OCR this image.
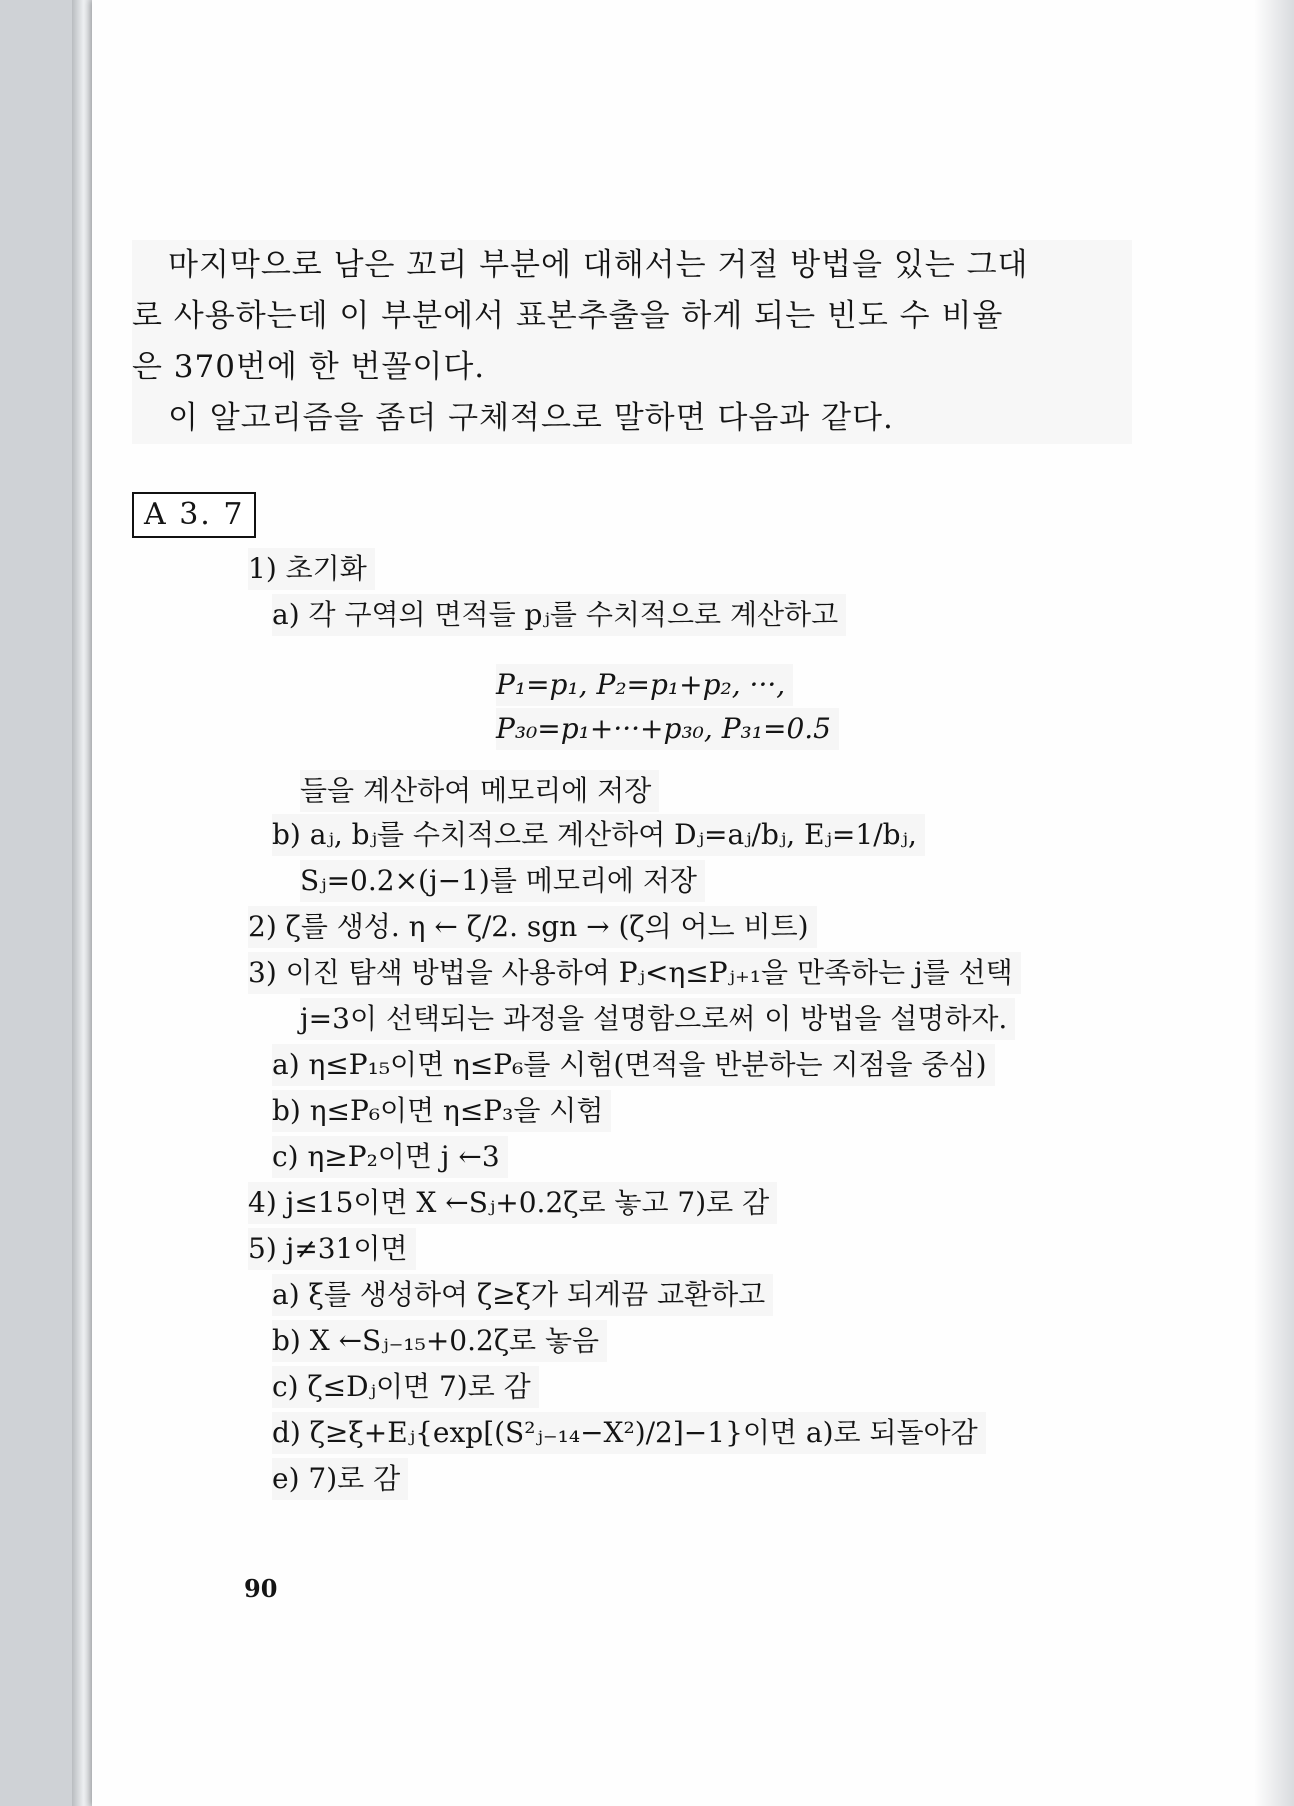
마지막으로 남은 꼬리 부분에 대해서는 거절 방법을 있는 그대

로 사용하는데 이 부분에서 표본추출을 하게 되는 빈도 수 비율

은 370번에 한 번꼴이다.

이 알고리즘을 좀더 구체적으로 말하면 다음과 같다.

A 3. 7
1) 초기화
a) 각 구역의 면적들 pⱼ를 수치적으로 계산하고
P₁=p₁, P₂=p₁+p₂, ···,
P₃₀=p₁+···+p₃₀, P₃₁=0.5
들을 계산하여 메모리에 저장
b) aⱼ, bⱼ를 수치적으로 계산하여 Dⱼ=aⱼ/bⱼ, Eⱼ=1/bⱼ,
Sⱼ=0.2×(j−1)를 메모리에 저장
2) ζ를 생성. η ← ζ/2. sgn → (ζ의 어느 비트)
3) 이진 탐색 방법을 사용하여 Pⱼ<η≤Pⱼ₊₁을 만족하는 j를 선택
j=3이 선택되는 과정을 설명함으로써 이 방법을 설명하자.
a) η≤P₁₅이면 η≤P₆를 시험(면적을 반분하는 지점을 중심)
b) η≤P₆이면 η≤P₃을 시험
c) η≥P₂이면 j ←3
4) j≤15이면 X ←Sⱼ+0.2ζ로 놓고 7)로 감
5) j≠31이면
a) ξ를 생성하여 ζ≥ξ가 되게끔 교환하고
b) X ←Sⱼ₋₁₅+0.2ζ로 놓음
c) ζ≤Dⱼ이면 7)로 감
d) ζ≥ξ+Eⱼ{exp[(S²ⱼ₋₁₄−X²)/2]−1}이면 a)로 되돌아감
e) 7)로 감
90
